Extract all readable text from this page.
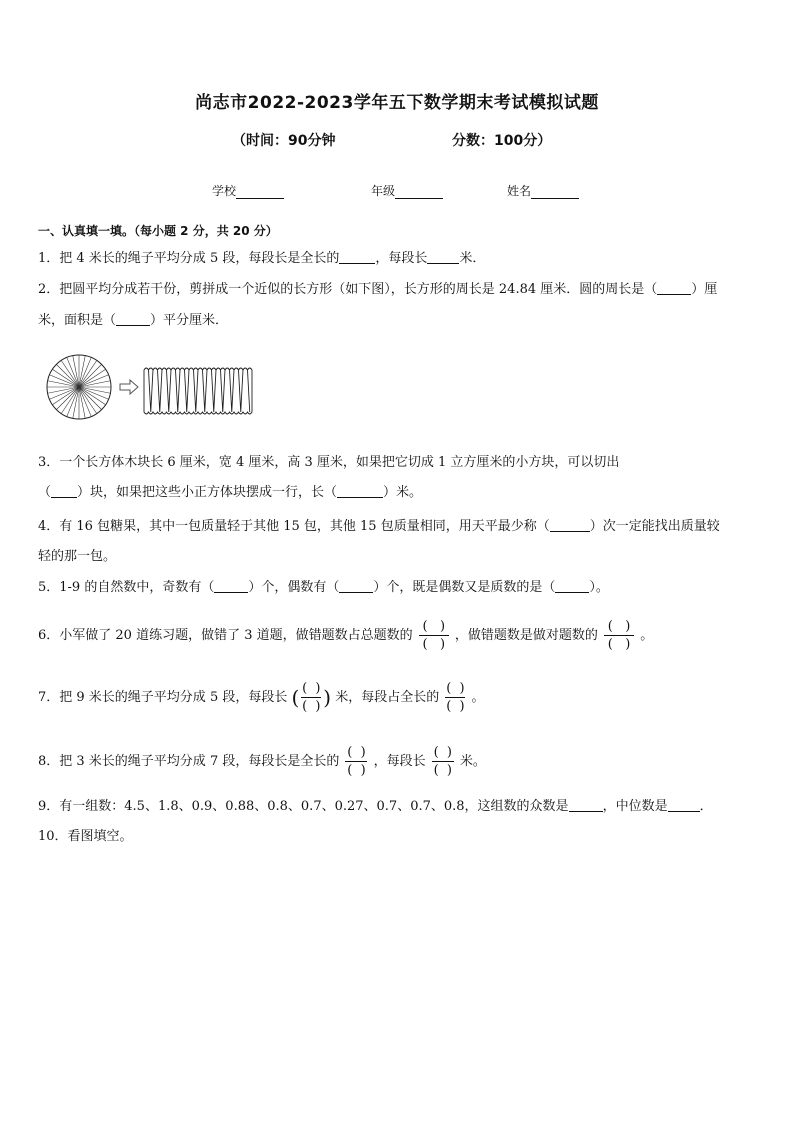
尚志市2022-2023学年五下数学期末考试模拟试题
（时间：90分钟	分数：100分）
学校	年级	姓名
一、认真填一填。（每小题 2 分，共 20 分）
1．把 4 米长的绳子平均分成 5 段，每段长是全长的	，每段长 米．
2．把圆平均分成若干份，剪拼成一个近似的长方形（如下图），长方形的周长是 24.84 厘米．圆的周长是（	）厘
米，面积是（	）平分厘米．
3．一个长方体木块长 6 厘米，宽 4 厘米，高 3 厘米，如果把它切成 1 立方厘米的小方块，可以切出
（ ）块，如果把这些小正方体块摆成一行，长（	）米。
4．有 16 包糖果，其中一包质量轻于其他 15 包，其他 15 包质量相同，用天平最少称（	）次一定能找出质量较
轻的那一包。
5．1-9 的自然数中，奇数有（	）个，偶数有（	）个，既是偶数又是质数的是（	）。
6．小军做了 20 道练习题，做错了 3 道题，做错题数占总题数的 $\frac{( )}{( )}$ ，做错题数是做对题数的 $\frac{( )}{( )}$ 。
7．把 9 米长的绳子平均分成 5 段，每段长 ( $\frac{( )}{( )}$ ) 米，每段占全长的 $\frac{( )}{( )}$ 。
8．把 3 米长的绳子平均分成 7 段，每段长是全长的 $\frac{( )}{( )}$ ，每段长 $\frac{( )}{( )}$ 米。
9．有一组数：4.5、1.8、0.9、0.88、0.8、0.7、0.27、0.7、0.7、0.8，这组数的众数是	，中位数是 ．
10．看图填空。
